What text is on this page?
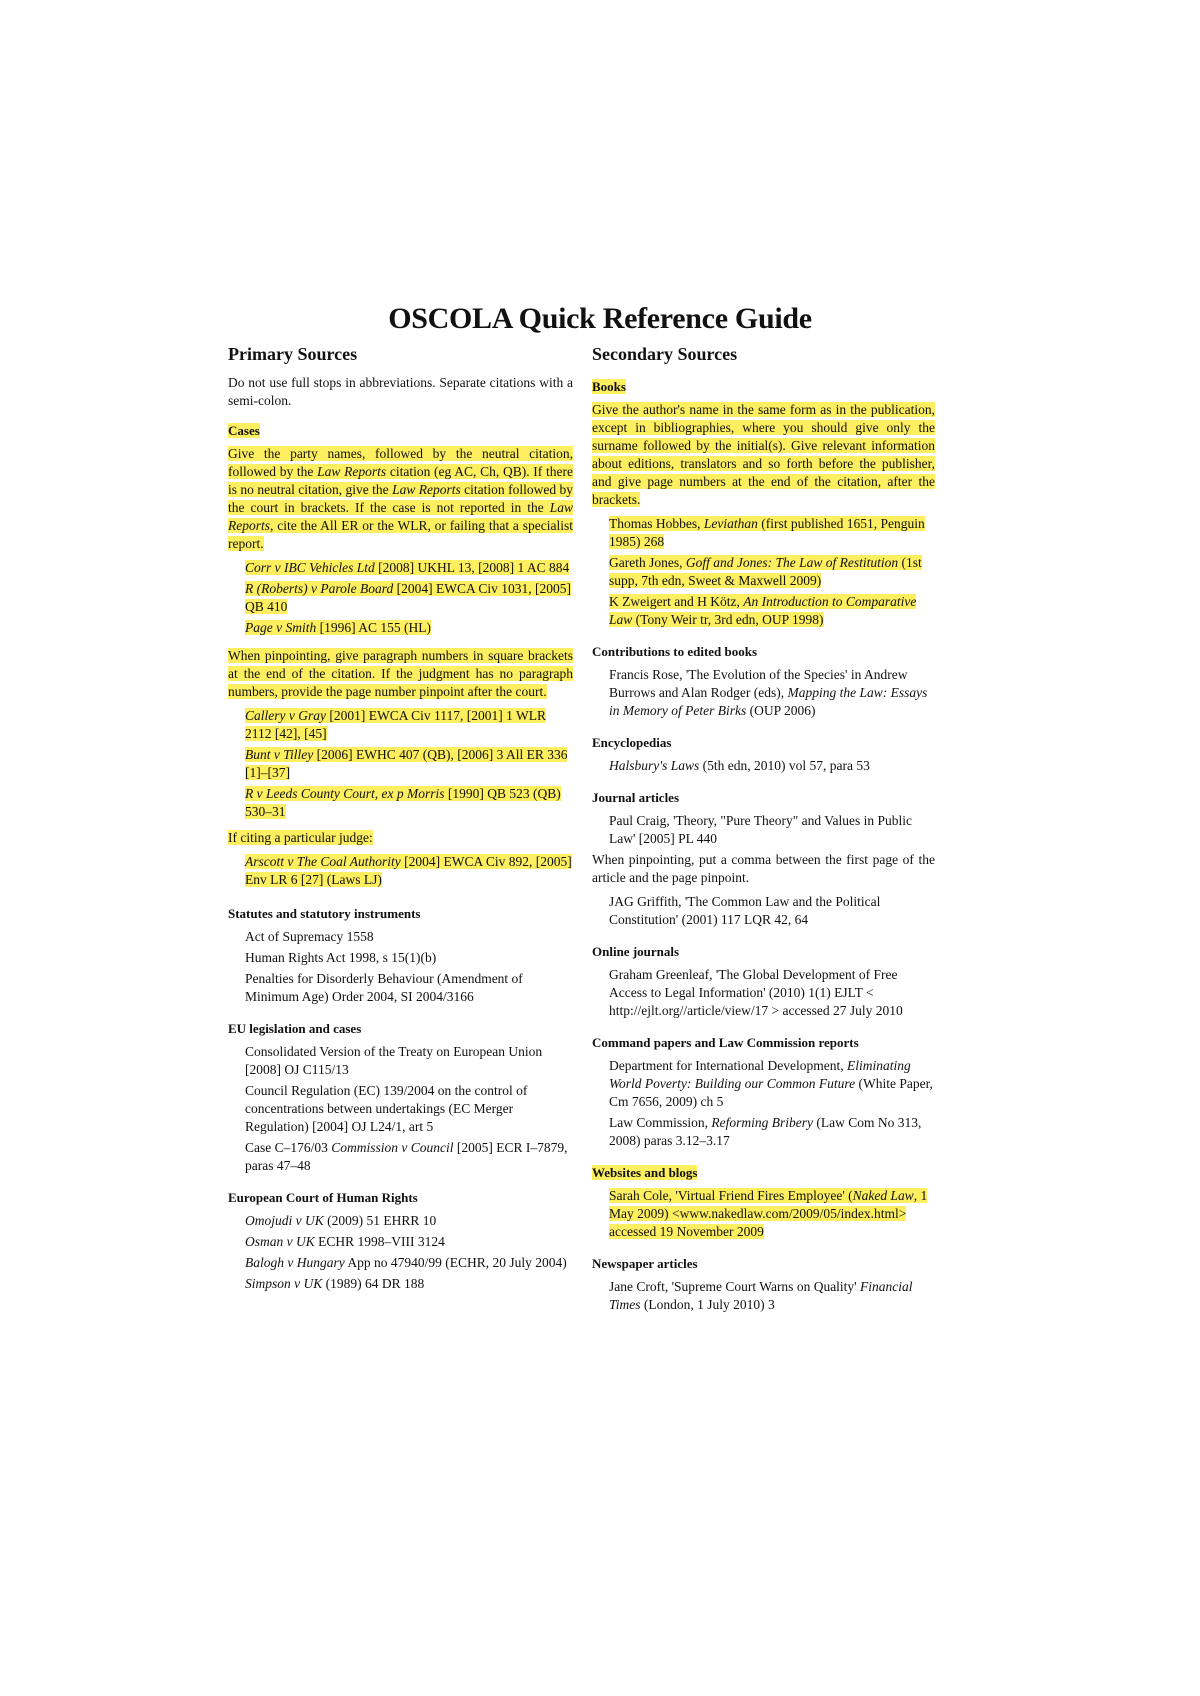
OSCOLA Quick Reference Guide
Primary Sources

Do not use full stops in abbreviations. Separate citations with a semi-colon.

Cases

Give the party names, followed by the neutral citation, followed by the Law Reports citation (eg AC, Ch, QB). If there is no neutral citation, give the Law Reports citation followed by the court in brackets. If the case is not reported in the Law Reports, cite the All ER or the WLR, or failing that a specialist report.

Corr v IBC Vehicles Ltd [2008] UKHL 13, [2008] 1 AC 884
R (Roberts) v Parole Board [2004] EWCA Civ 1031, [2005] QB 410
Page v Smith [1996] AC 155 (HL)

When pinpointing, give paragraph numbers in square brackets at the end of the citation. If the judgment has no paragraph numbers, provide the page number pinpoint after the court.

Callery v Gray [2001] EWCA Civ 1117, [2001] 1 WLR 2112 [42], [45]
Bunt v Tilley [2006] EWHC 407 (QB), [2006] 3 All ER 336 [1]–[37]
R v Leeds County Court, ex p Morris [1990] QB 523 (QB) 530–31

If citing a particular judge:

Arscott v The Coal Authority [2004] EWCA Civ 892, [2005] Env LR 6 [27] (Laws LJ)
Statutes and statutory instruments
Act of Supremacy 1558
Human Rights Act 1998, s 15(1)(b)
Penalties for Disorderly Behaviour (Amendment of Minimum Age) Order 2004, SI 2004/3166
EU legislation and cases
Consolidated Version of the Treaty on European Union [2008] OJ C115/13
Council Regulation (EC) 139/2004 on the control of concentrations between undertakings (EC Merger Regulation) [2004] OJ L24/1, art 5
Case C–176/03 Commission v Council [2005] ECR I–7879, paras 47–48
European Court of Human Rights
Omojudi v UK (2009) 51 EHRR 10
Osman v UK ECHR 1998–VIII 3124
Balogh v Hungary App no 47940/99 (ECHR, 20 July 2004)
Simpson v UK (1989) 64 DR 188
Secondary Sources
Books

Give the author's name in the same form as in the publication, except in bibliographies, where you should give only the surname followed by the initial(s). Give relevant information about editions, translators and so forth before the publisher, and give page numbers at the end of the citation, after the brackets.

Thomas Hobbes, Leviathan (first published 1651, Penguin 1985) 268
Gareth Jones, Goff and Jones: The Law of Restitution (1st supp, 7th edn, Sweet & Maxwell 2009)
K Zweigert and H Kötz, An Introduction to Comparative Law (Tony Weir tr, 3rd edn, OUP 1998)
Contributions to edited books
Francis Rose, 'The Evolution of the Species' in Andrew Burrows and Alan Rodger (eds), Mapping the Law: Essays in Memory of Peter Birks (OUP 2006)
Encyclopedias
Halsbury's Laws (5th edn, 2010) vol 57, para 53
Journal articles
Paul Craig, 'Theory, "Pure Theory" and Values in Public Law' [2005] PL 440

When pinpointing, put a comma between the first page of the article and the page pinpoint.

JAG Griffith, 'The Common Law and the Political Constitution' (2001) 117 LQR 42, 64
Online journals
Graham Greenleaf, 'The Global Development of Free Access to Legal Information' (2010) 1(1) EJLT < http://ejlt.org//article/view/17 > accessed 27 July 2010
Command papers and Law Commission reports
Department for International Development, Eliminating World Poverty: Building our Common Future (White Paper, Cm 7656, 2009) ch 5
Law Commission, Reforming Bribery (Law Com No 313, 2008) paras 3.12–3.17
Websites and blogs
Sarah Cole, 'Virtual Friend Fires Employee' (Naked Law, 1 May 2009) <www.nakedlaw.com/2009/05/index.html> accessed 19 November 2009
Newspaper articles
Jane Croft, 'Supreme Court Warns on Quality' Financial Times (London, 1 July 2010) 3
